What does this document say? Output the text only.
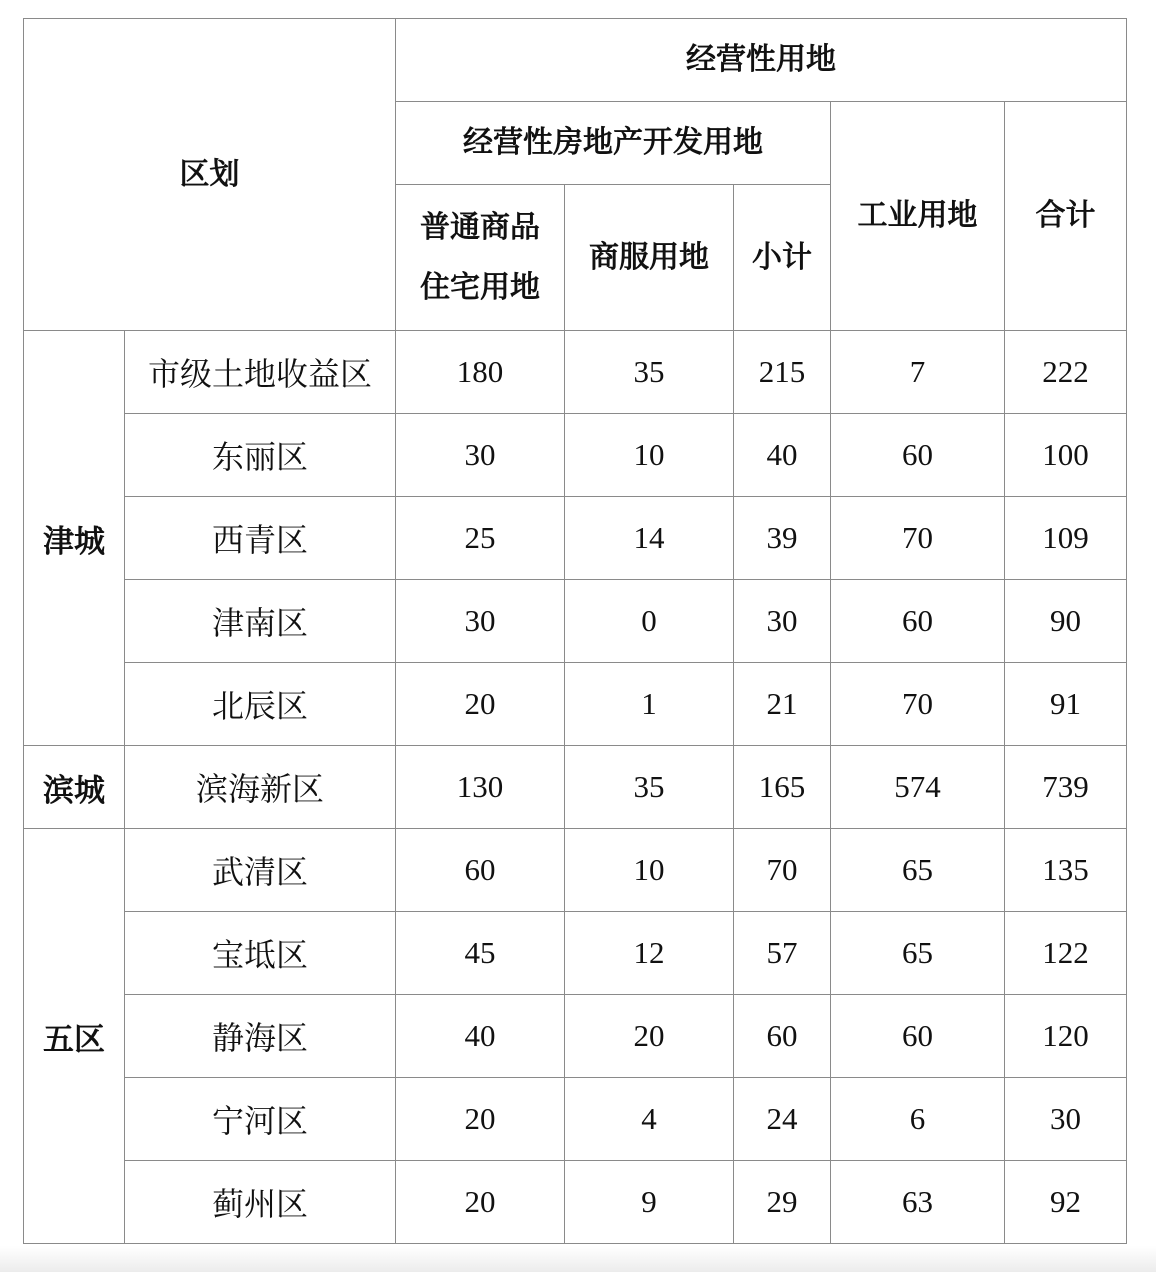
区划		经营性用地				
		经营性房地产开发用地			工业用地	合计
		普通商品住宅用地	商服用地	小计		
津城	市级土地收益区	180	35	215	7	222
	东丽区	30	10	40	60	100
	西青区	25	14	39	70	109
	津南区	30	0	30	60	90
	北辰区	20	1	21	70	91
滨城	滨海新区	130	35	165	574	739
五区	武清区	60	10	70	65	135
	宝坻区	45	12	57	65	122
	静海区	40	20	60	60	120
	宁河区	20	4	24	6	30
	蓟州区	20	9	29	63	92
